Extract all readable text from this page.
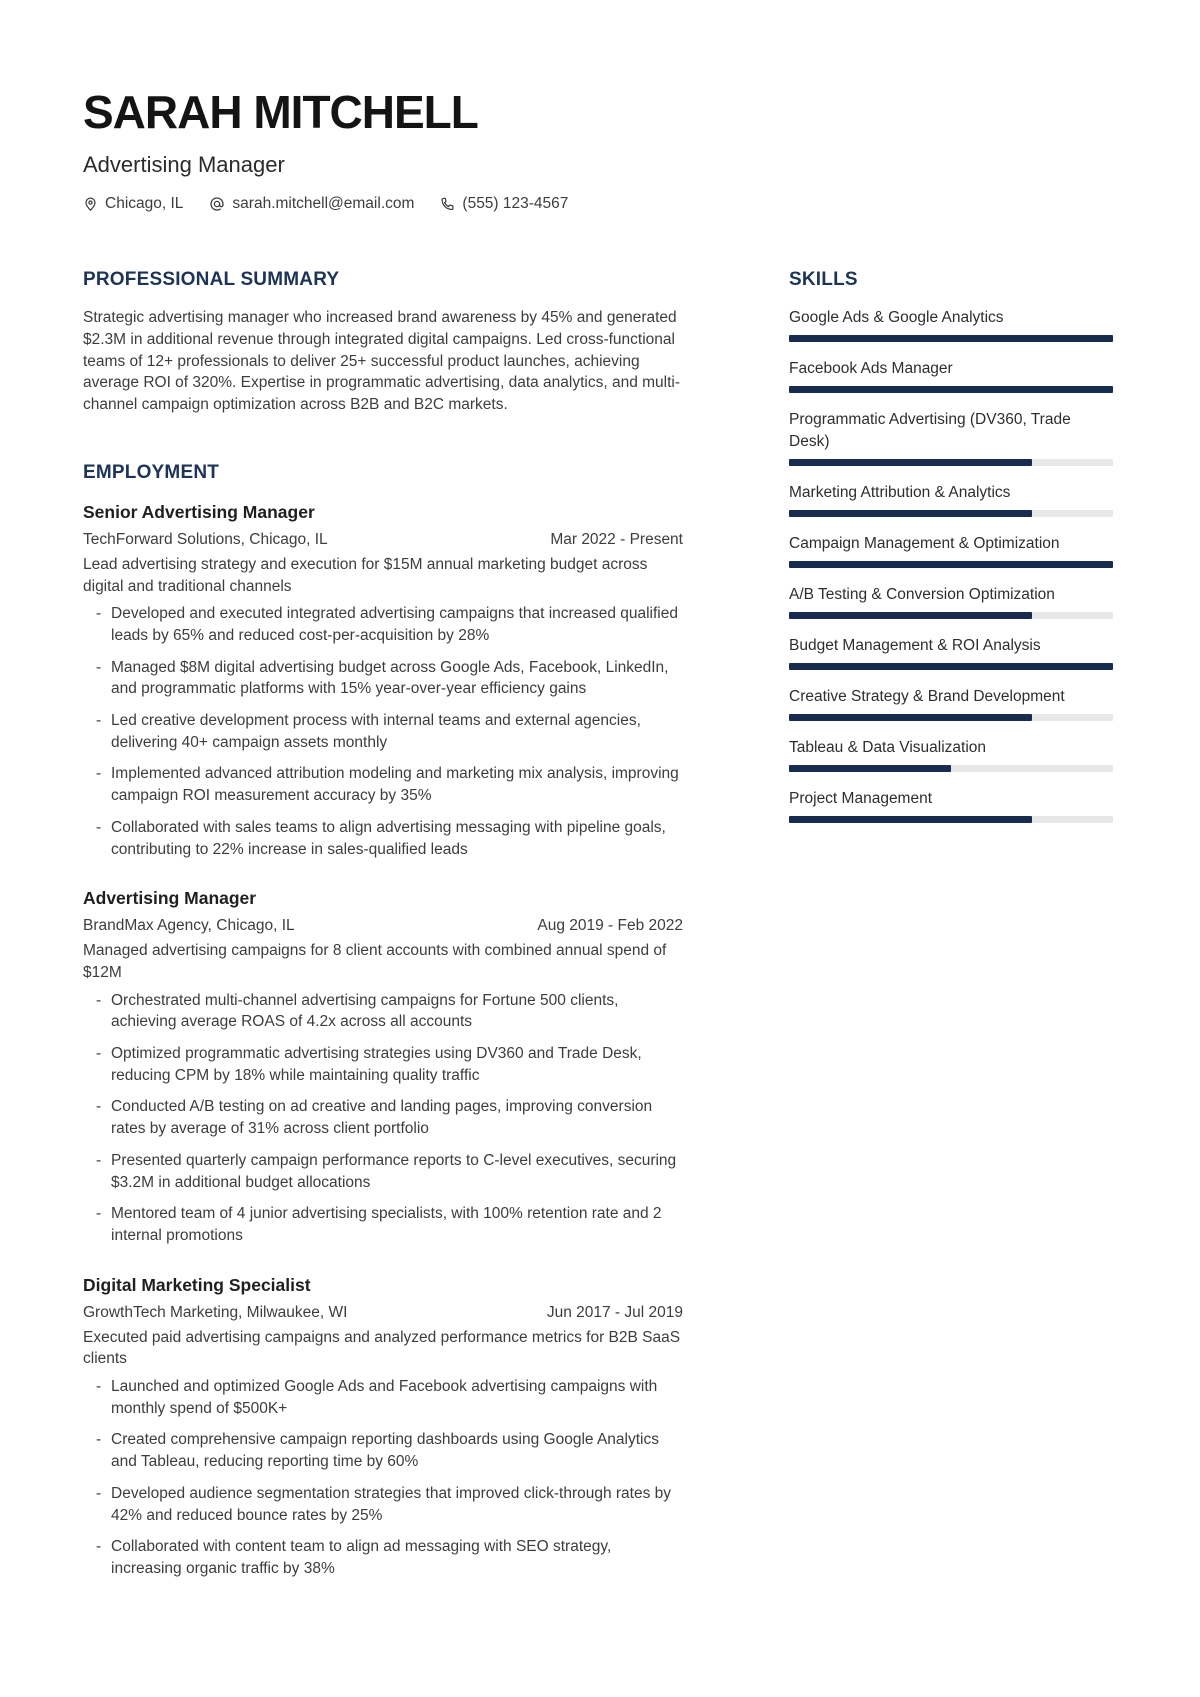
SARAH MITCHELL
Advertising Manager
Chicago, IL	sarah.mitchell@email.com	(555) 123-4567
PROFESSIONAL SUMMARY

Strategic advertising manager who increased brand awareness by 45% and generated $2.3M in additional revenue through integrated digital campaigns. Led cross-functional teams of 12+ professionals to deliver 25+ successful product launches, achieving average ROI of 320%. Expertise in programmatic advertising, data analytics, and multi-channel campaign optimization across B2B and B2C markets.

EMPLOYMENT
Senior Advertising Manager
TechForward Solutions, Chicago, IL	Mar 2022 - Present
Lead advertising strategy and execution for $15M annual marketing budget across digital and traditional channels
- Developed and executed integrated advertising campaigns that increased qualified leads by 65% and reduced cost-per-acquisition by 28%
- Managed $8M digital advertising budget across Google Ads, Facebook, LinkedIn, and programmatic platforms with 15% year-over-year efficiency gains
- Led creative development process with internal teams and external agencies, delivering 40+ campaign assets monthly
- Implemented advanced attribution modeling and marketing mix analysis, improving campaign ROI measurement accuracy by 35%
- Collaborated with sales teams to align advertising messaging with pipeline goals, contributing to 22% increase in sales-qualified leads
Advertising Manager
BrandMax Agency, Chicago, IL	Aug 2019 - Feb 2022
Managed advertising campaigns for 8 client accounts with combined annual spend of $12M
- Orchestrated multi-channel advertising campaigns for Fortune 500 clients, achieving average ROAS of 4.2x across all accounts
- Optimized programmatic advertising strategies using DV360 and Trade Desk, reducing CPM by 18% while maintaining quality traffic
- Conducted A/B testing on ad creative and landing pages, improving conversion rates by average of 31% across client portfolio
- Presented quarterly campaign performance reports to C-level executives, securing $3.2M in additional budget allocations
- Mentored team of 4 junior advertising specialists, with 100% retention rate and 2 internal promotions
Digital Marketing Specialist
GrowthTech Marketing, Milwaukee, WI	Jun 2017 - Jul 2019
Executed paid advertising campaigns and analyzed performance metrics for B2B SaaS clients
- Launched and optimized Google Ads and Facebook advertising campaigns with monthly spend of $500K+
- Created comprehensive campaign reporting dashboards using Google Analytics and Tableau, reducing reporting time by 60%
- Developed audience segmentation strategies that improved click-through rates by 42% and reduced bounce rates by 25%
- Collaborated with content team to align ad messaging with SEO strategy, increasing organic traffic by 38%
SKILLS
Google Ads & Google Analytics
Facebook Ads Manager
Programmatic Advertising (DV360, Trade Desk)
Marketing Attribution & Analytics
Campaign Management & Optimization
A/B Testing & Conversion Optimization
Budget Management & ROI Analysis
Creative Strategy & Brand Development
Tableau & Data Visualization
Project Management
